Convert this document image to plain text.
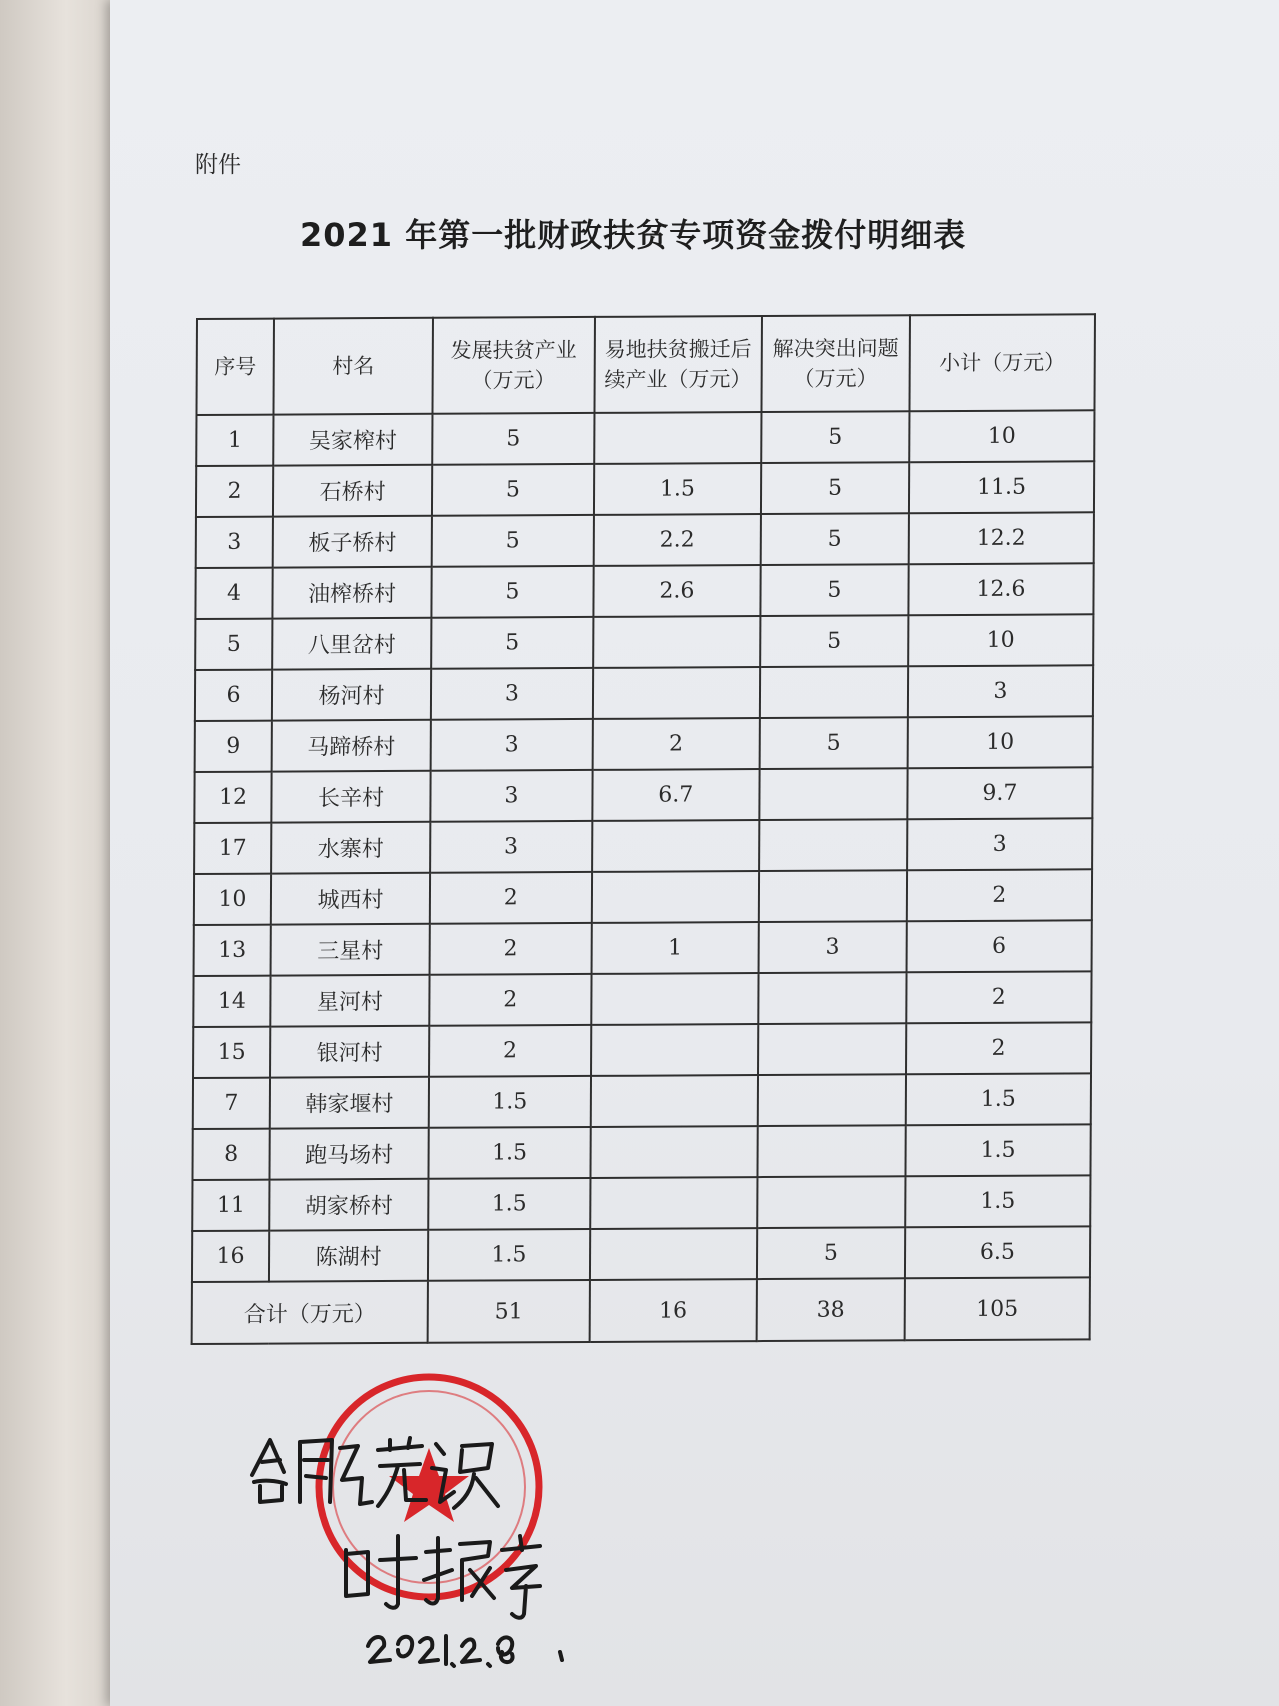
附件
2021 年第一批财政扶贫专项资金拨付明细表
序号	村名	发展扶贫产业（万元）	易地扶贫搬迁后续产业（万元）	解决突出问题（万元）	小计（万元）
1	吴家榨村	5		5	10
2	石桥村	5	1.5	5	11.5
3	板子桥村	5	2.2	5	12.2
4	油榨桥村	5	2.6	5	12.6
5	八里岔村	5		5	10
6	杨河村	3			3
9	马蹄桥村	3	2	5	10
12	长辛村	3	6.7		9.7
17	水寨村	3			3
10	城西村	2			2
13	三星村	2	1	3	6
14	星河村	2			2
15	银河村	2			2
7	韩家堰村	1.5			1.5
8	跑马场村	1.5			1.5
11	胡家桥村	1.5			1.5
16	陈湖村	1.5		5	6.5
合计（万元）		51	16	38	105
